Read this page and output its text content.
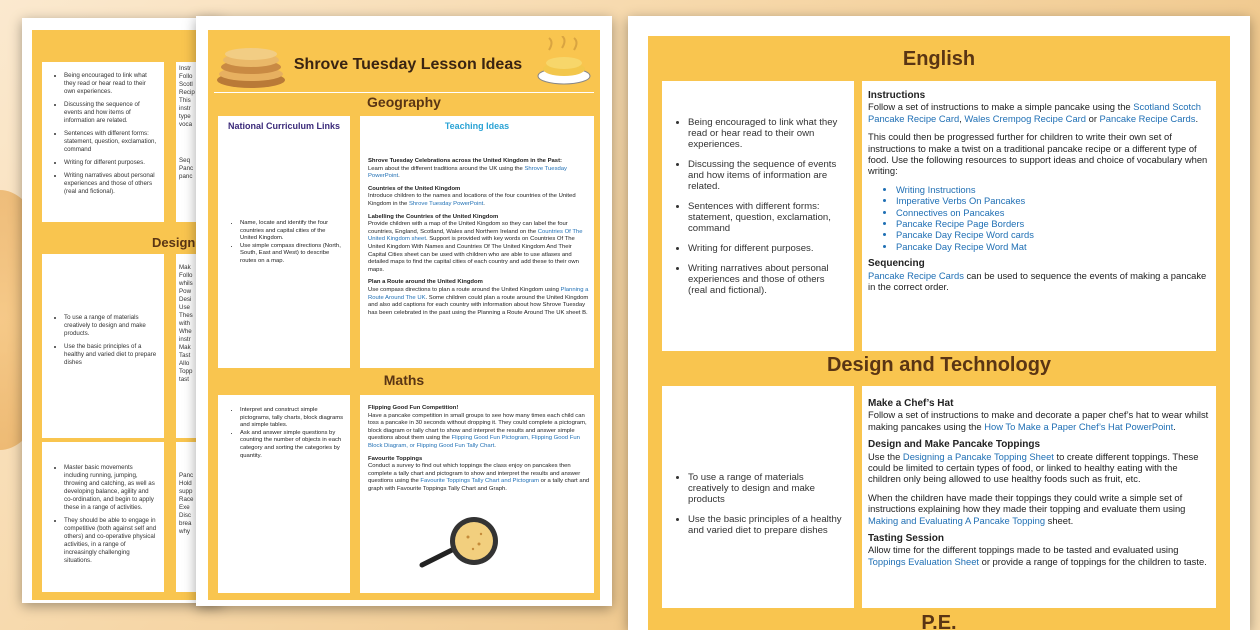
• Being encouraged to link what they read or hear read to their own experiences.
• Discussing the sequence of events and how items of information are related.
• Sentences with different forms: statement, question, exclamation, command
• Writing for different purposes.
• Writing narratives about personal experiences and those of others (real and fictional).
Instr
Follo
Scotl
Recip
This
instr
type
voca
Seq
Panc
panc
Design
• To use a range of materials creatively to design and make products.
• Use the basic principles of a healthy and varied diet to prepare dishes
Mak
Follo
whils
Pow
Desi
Use
Thes
with
Whe
instr
Mak
Tast
Allo
Topp
tast
• Master basic movements including running, jumping, throwing and catching, as well as developing balance, agility and co-ordination, and begin to apply these in a range of activities.
• They should be able to engage in competitive (both against self and others) and co-operative physical activities, in a range of increasingly challenging situations.
Panc
Hold
supp
Race
Exe
Disc
brea
why
Shrove Tuesday Lesson Ideas
Geography
National Curriculum Links
• Name, locate and identify the four countries and capital cities of the United Kingdom.
• Use simple compass directions (North, South, East and West) to describe routes on a map.
Teaching Ideas

Shrove Tuesday Celebrations across the United Kingdom in the Past:
Learn about the different traditions around the UK using the Shrove Tuesday PowerPoint.

Countries of the United Kingdom
Introduce children to the names and locations of the four countries of the United Kingdom in the Shrove Tuesday PowerPoint.

Labelling the Countries of the United Kingdom
Provide children with a map of the United Kingdom so they can label the four countries, England, Scotland, Wales and Northern Ireland on the Countries Of The United Kingdom sheet. Support is provided with key words on Countries Of The United Kingdom With Names and Countries Of The United Kingdom And Their Capital Cities sheet can be used with children who are able to use atlases and detailed maps to find the capital cities of each country and add these to their own maps.

Plan a Route around the United Kingdom
Use compass directions to plan a route around the United Kingdom using Planning a Route Around The UK. Some children could plan a route around the United Kingdom and also add captions for each country with information about how Shrove Tuesday has been celebrated in the past using the Planning a Route Around The UK sheet B.

Maths
• Interpret and construct simple pictograms, tally charts, block diagrams and simple tables.
• Ask and answer simple questions by counting the number of objects in each category and sorting the categories by quantity.

Flipping Good Fun Competition!
Have a pancake competition in small groups to see how many times each child can toss a pancake in 30 seconds without dropping it. They could complete a pictogram, block diagram or tally chart to show and interpret the results and answer simple questions about them using the Flipping Good Fun Pictogram, Flipping Good Fun Block Diagram, or Flipping Good Fun Tally Chart.

Favourite Toppings
Conduct a survey to find out which toppings the class enjoy on pancakes then complete a tally chart and pictogram to show and interpret the results and answer questions using the Favourite Toppings Tally Chart and Pictogram or a tally chart and graph with Favourite Toppings Tally Chart and Graph.

English
• Being encouraged to link what they read or hear read to their own experiences.
• Discussing the sequence of events and how items of information are related.
• Sentences with different forms: statement, question, exclamation, command
• Writing for different purposes.
• Writing narratives about personal experiences and those of others (real and fictional).
Instructions

Follow a set of instructions to make a simple pancake using the Scotland Scotch Pancake Recipe Card, Wales Crempog Recipe Card or Pancake Recipe Cards.

This could then be progressed further for children to write their own set of instructions to make a twist on a traditional pancake recipe or a different type of food. Use the following resources to support ideas and choice of vocabulary when writing:

• Writing Instructions
• Imperative Verbs On Pancakes
• Connectives on Pancakes
• Pancake Recipe Page Borders
• Pancake Day Recipe Word cards
• Pancake Day Recipe Word Mat
Sequencing

Pancake Recipe Cards can be used to sequence the events of making a pancake in the correct order.

Design and Technology
• To use a range of materials creatively to design and make products
• Use the basic principles of a healthy and varied diet to prepare dishes
Make a Chef’s Hat

Follow a set of instructions to make and decorate a paper chef’s hat to wear whilst making pancakes using the How To Make a Paper Chef’s Hat PowerPoint.

Design and Make Pancake Toppings

Use the Designing a Pancake Topping Sheet to create different toppings. These could be limited to certain types of food, or linked to healthy eating with the children only being allowed to use healthy foods such as fruit, etc.

When the children have made their toppings they could write a simple set of instructions explaining how they made their topping and evaluate them using Making and Evaluating A Pancake Topping sheet.

Tasting Session

Allow time for the different toppings made to be tasted and evaluated using Toppings Evaluation Sheet or provide a range of toppings for the children to taste.

P.E.
